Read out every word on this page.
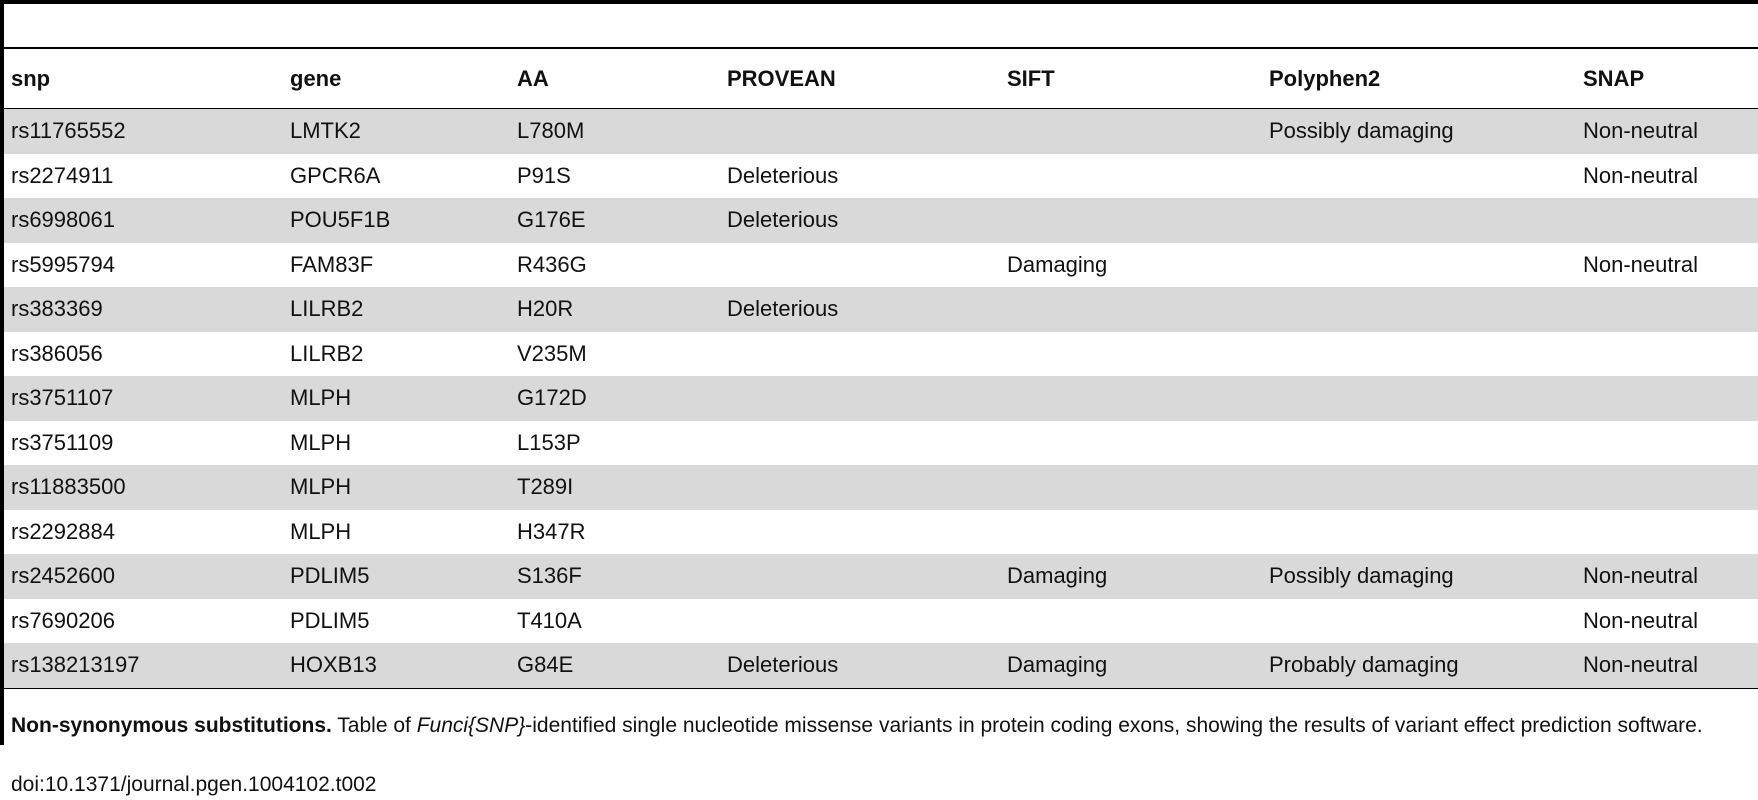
snp	gene	AA	PROVEAN	SIFT	Polyphen2	SNAP
rs11765552	LMTK2	L780M			Possibly damaging	Non-neutral
rs2274911	GPCR6A	P91S	Deleterious			Non-neutral
rs6998061	POU5F1B	G176E	Deleterious			
rs5995794	FAM83F	R436G		Damaging		Non-neutral
rs383369	LILRB2	H20R	Deleterious			
rs386056	LILRB2	V235M				
rs3751107	MLPH	G172D				
rs3751109	MLPH	L153P				
rs11883500	MLPH	T289I				
rs2292884	MLPH	H347R				
rs2452600	PDLIM5	S136F		Damaging	Possibly damaging	Non-neutral
rs7690206	PDLIM5	T410A				Non-neutral
rs138213197	HOXB13	G84E	Deleterious	Damaging	Probably damaging	Non-neutral
Non-synonymous substitutions. Table of Funci{SNP}-identified single nucleotide missense variants in protein coding exons, showing the results of variant effect prediction software.
doi:10.1371/journal.pgen.1004102.t002
